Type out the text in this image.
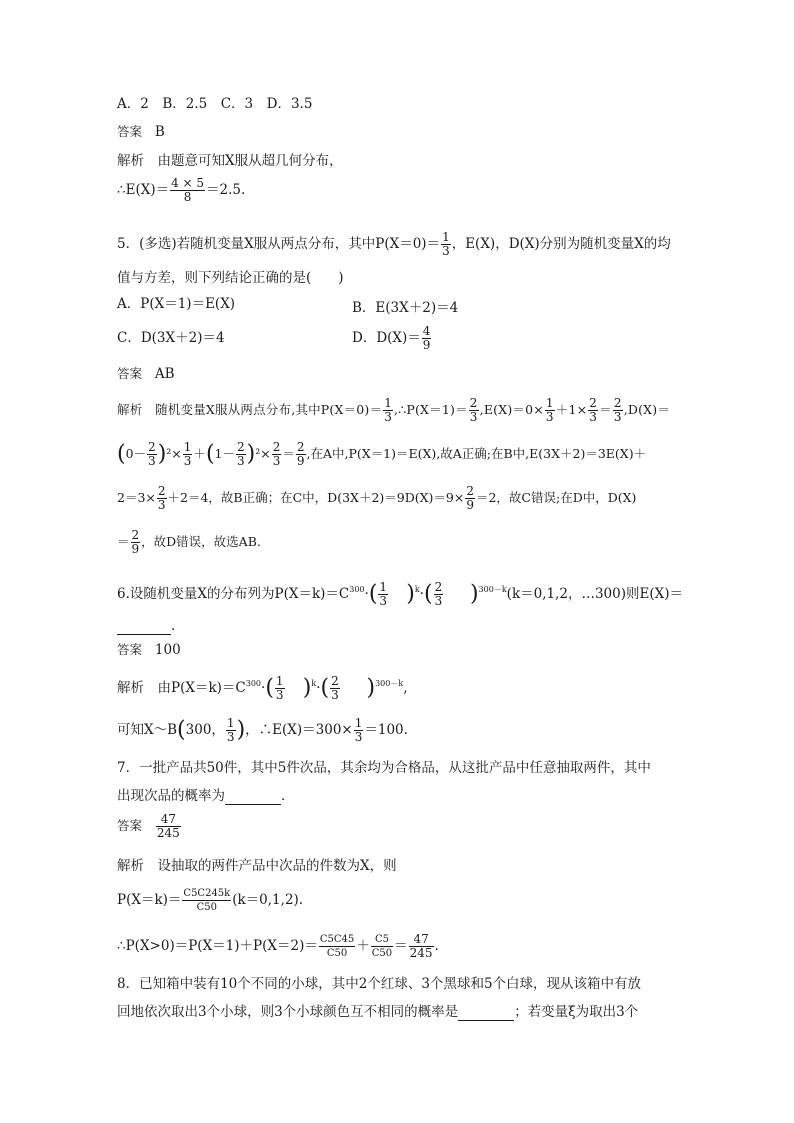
A．2　B．2.5　C．3　D．3.5
答案 B
解析　由题意可知X服从超几何分布，
∴E(X)＝ $\frac{4 \times 5}{8} =2.5$.
5．(多选)若随机变量X服从两点分布，其中$P(X=0)= \frac{1}{3}$ ，E(X)，D(X)分别为随机变量X的均
值与方差，则下列结论正确的是(　　)
A．P(X＝1)＝E(X)	B．E(3X＋2)＝4
C．D(3X＋2)＝4	D．$D(X)= \frac{4}{9}$
答案 AB
解析　随机变量X服从两点分布,其中$P(X=0)= \frac{1}{3}$ ,∴P(X＝1)＝ $\frac{2}{3} ,E(X)=0\times \frac{1}{3} +1\times \frac{2}{3} = \frac{2}{3} ,D(X)=$
$(0- \frac{2}{3} )^2\times \frac{1}{3} +(1- \frac{2}{3} )^2\times \frac{2}{3} = \frac{2}{9}$ ,在A中,P(X＝1)＝E(X),故A正确;在B中,E(3X＋2)＝3E(X)＋
$2=3\times \frac{2}{3} +2=4$，故B正确；在C中，$D(3X+2)=9D(X)=9\times \frac{2}{9} =2$，故C错误;在D中，D(X)
＝ $\frac{2}{9}$ ，故D错误，故选AB.
6.设随机变量X的分布列为$P(X=k)=C^{300}\cdot( \frac{1}{3} )^k\cdot( \frac{2}{3} )^{300-k}(k=0,1,2$，…300)则E(X)＝
.
答案 100
解析　由$P(X=k)=C^{300}\cdot( \frac{1}{3} )^k\cdot( \frac{2}{3} )^{300-k}$,
可知X～B(300， $\frac{1}{3}$ )，∴E(X)＝300× $\frac{1}{3} =100$.
7．一批产品共50件，其中5件次品，其余均为合格品，从这批产品中任意抽取两件，其中
出现次品的概率为	．
答案 $\frac{47}{245}$
解析　设抽取的两件产品中次品的件数为X，则
$P(X=k)= \frac{C5C245k}{C50} (k=0,1,2)$.
∴P(X>0)＝P(X＝1)＋P(X＝2)＝ $\frac{C5C45}{C50} + \frac{C5}{C50} = \frac{47}{245}$ .
8．已知箱中装有10个不同的小球，其中2个红球、3个黑球和5个白球，现从该箱中有放
回地依次取出3个小球，则3个小球颜色互不相同的概率是	；若变量ξ为取出3个
